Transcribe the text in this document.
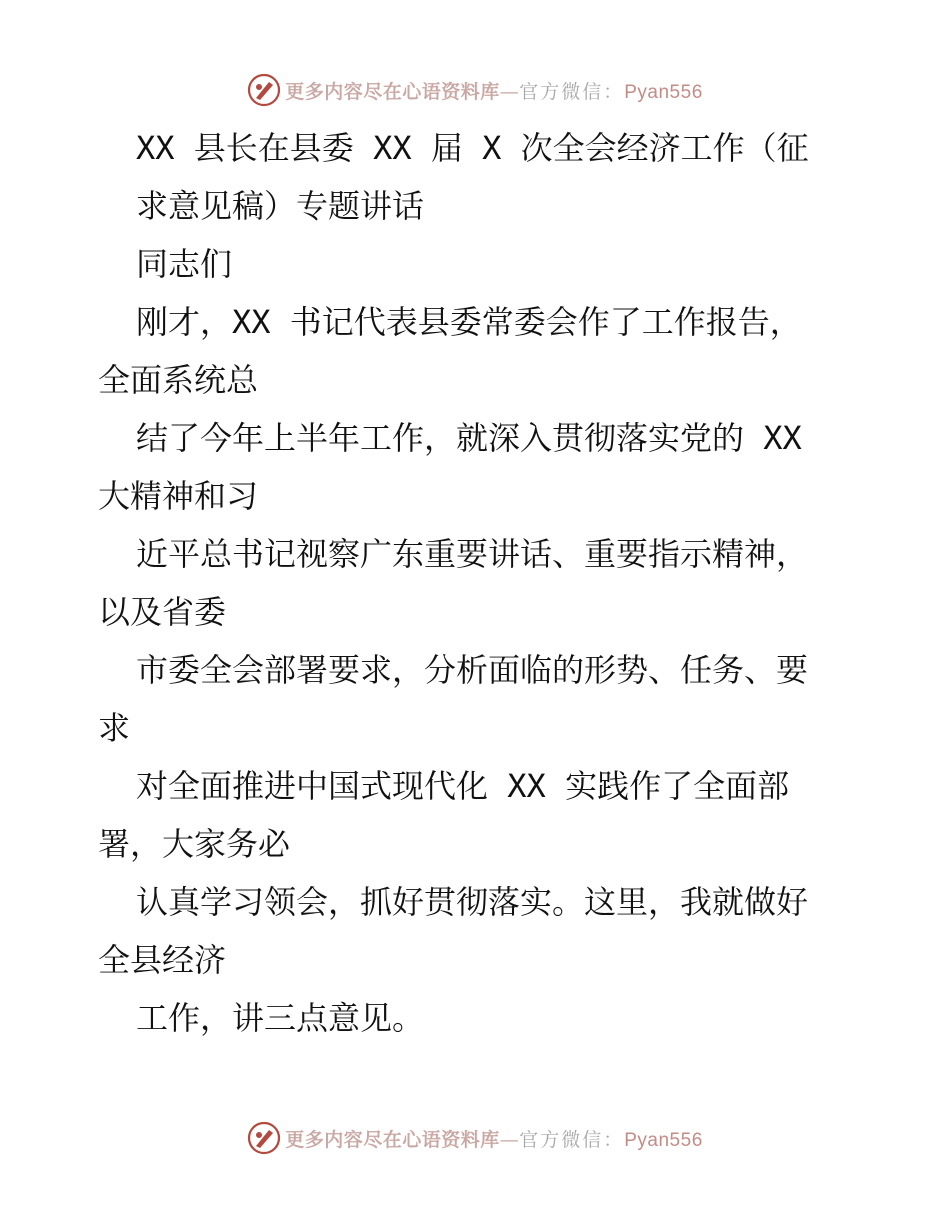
更多内容尽在心语资料库—官方微信：Pyan556
XX 县长在县委 XX 届 X 次全会经济工作（征
求意见稿）专题讲话
同志们
刚才，XX 书记代表县委常委会作了工作报告，
全面系统总
结了今年上半年工作，就深入贯彻落实党的 XX
大精神和习
近平总书记视察广东重要讲话、重要指示精神，
以及省委
市委全会部署要求，分析面临的形势、任务、要
求
对全面推进中国式现代化 XX 实践作了全面部
署，大家务必
认真学习领会，抓好贯彻落实。这里，我就做好
全县经济
工作，讲三点意见。
更多内容尽在心语资料库—官方微信：Pyan556
